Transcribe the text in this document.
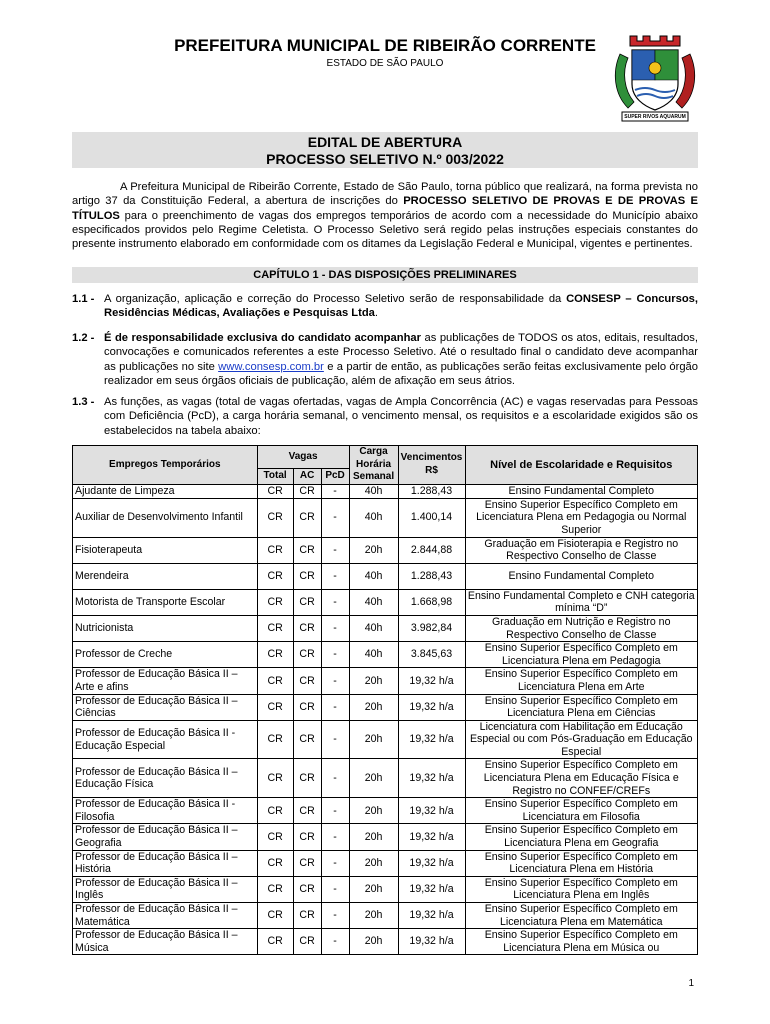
PREFEITURA MUNICIPAL DE RIBEIRÃO CORRENTE
ESTADO DE SÃO PAULO
SUPER RIVOS AQUARUM
EDITAL DE ABERTURA
PROCESSO SELETIVO N.º 003/2022
A Prefeitura Municipal de Ribeirão Corrente, Estado de São Paulo, torna público que realizará, na forma prevista no artigo 37 da Constituição Federal, a abertura de inscrições do PROCESSO SELETIVO DE PROVAS E DE PROVAS E TÍTULOS para o preenchimento de vagas dos empregos temporários de acordo com a necessidade do Município abaixo especificados providos pelo Regime Celetista. O Processo Seletivo será regido pelas instruções especiais constantes do presente instrumento elaborado em conformidade com os ditames da Legislação Federal e Municipal, vigentes e pertinentes.
CAPÍTULO 1 - DAS DISPOSIÇÕES PRELIMINARES
1.1 - A organização, aplicação e correção do Processo Seletivo serão de responsabilidade da CONSESP – Concursos, Residências Médicas, Avaliações e Pesquisas Ltda.
1.2 - É de responsabilidade exclusiva do candidato acompanhar as publicações de TODOS os atos, editais, resultados, convocações e comunicados referentes a este Processo Seletivo. Até o resultado final o candidato deve acompanhar as publicações no site www.consesp.com.br e a partir de então, as publicações serão feitas exclusivamente pelo órgão realizador em seus órgãos oficiais de publicação, além de afixação em seus átrios.
1.3 - As funções, as vagas (total de vagas ofertadas, vagas de Ampla Concorrência (AC) e vagas reservadas para Pessoas com Deficiência (PcD), a carga horária semanal, o vencimento mensal, os requisitos e a escolaridade exigidos são os estabelecidos na tabela abaixo:
Empregos Temporários	Vagas			Carga Horária Semanal	Vencimentos R$	Nível de Escolaridade e Requisitos
	Total	AC	PcD			
Ajudante de Limpeza	CR	CR	-	40h	1.288,43	Ensino Fundamental Completo
Auxiliar de Desenvolvimento Infantil	CR	CR	-	40h	1.400,14	Ensino Superior Específico Completo em Licenciatura Plena em Pedagogia ou Normal Superior
Fisioterapeuta	CR	CR	-	20h	2.844,88	Graduação em Fisioterapia e Registro no Respectivo Conselho de Classe
Merendeira	CR	CR	-	40h	1.288,43	Ensino Fundamental Completo
Motorista de Transporte Escolar	CR	CR	-	40h	1.668,98	Ensino Fundamental Completo e CNH categoria mínima “D”
Nutricionista	CR	CR	-	40h	3.982,84	Graduação em Nutrição e Registro no Respectivo Conselho de Classe
Professor de Creche	CR	CR	-	40h	3.845,63	Ensino Superior Específico Completo em Licenciatura Plena em Pedagogia
Professor de Educação Básica II – Arte e afins	CR	CR	-	20h	19,32 h/a	Ensino Superior Específico Completo em Licenciatura Plena em Arte
Professor de Educação Básica II – Ciências	CR	CR	-	20h	19,32 h/a	Ensino Superior Específico Completo em Licenciatura Plena em Ciências
Professor de Educação Básica II - Educação Especial	CR	CR	-	20h	19,32 h/a	Licenciatura com Habilitação em Educação Especial ou com Pós-Graduação em Educação Especial
Professor de Educação Básica II –Educação Física	CR	CR	-	20h	19,32 h/a	Ensino Superior Específico Completo em Licenciatura Plena em Educação Física e Registro no CONFEF/CREFs
Professor de Educação Básica II - Filosofia	CR	CR	-	20h	19,32 h/a	Ensino Superior Específico Completo em Licenciatura em Filosofia
Professor de Educação Básica II –Geografia	CR	CR	-	20h	19,32 h/a	Ensino Superior Específico Completo em Licenciatura Plena em Geografia
Professor de Educação Básica II –História	CR	CR	-	20h	19,32 h/a	Ensino Superior Específico Completo em Licenciatura Plena em História
Professor de Educação Básica II – Inglês	CR	CR	-	20h	19,32 h/a	Ensino Superior Específico Completo em Licenciatura Plena em Inglês
Professor de Educação Básica II – Matemática	CR	CR	-	20h	19,32 h/a	Ensino Superior Específico Completo em Licenciatura Plena em Matemática
Professor de Educação Básica II – Música	CR	CR	-	20h	19,32 h/a	Ensino Superior Específico Completo em Licenciatura Plena em Música ou
1
